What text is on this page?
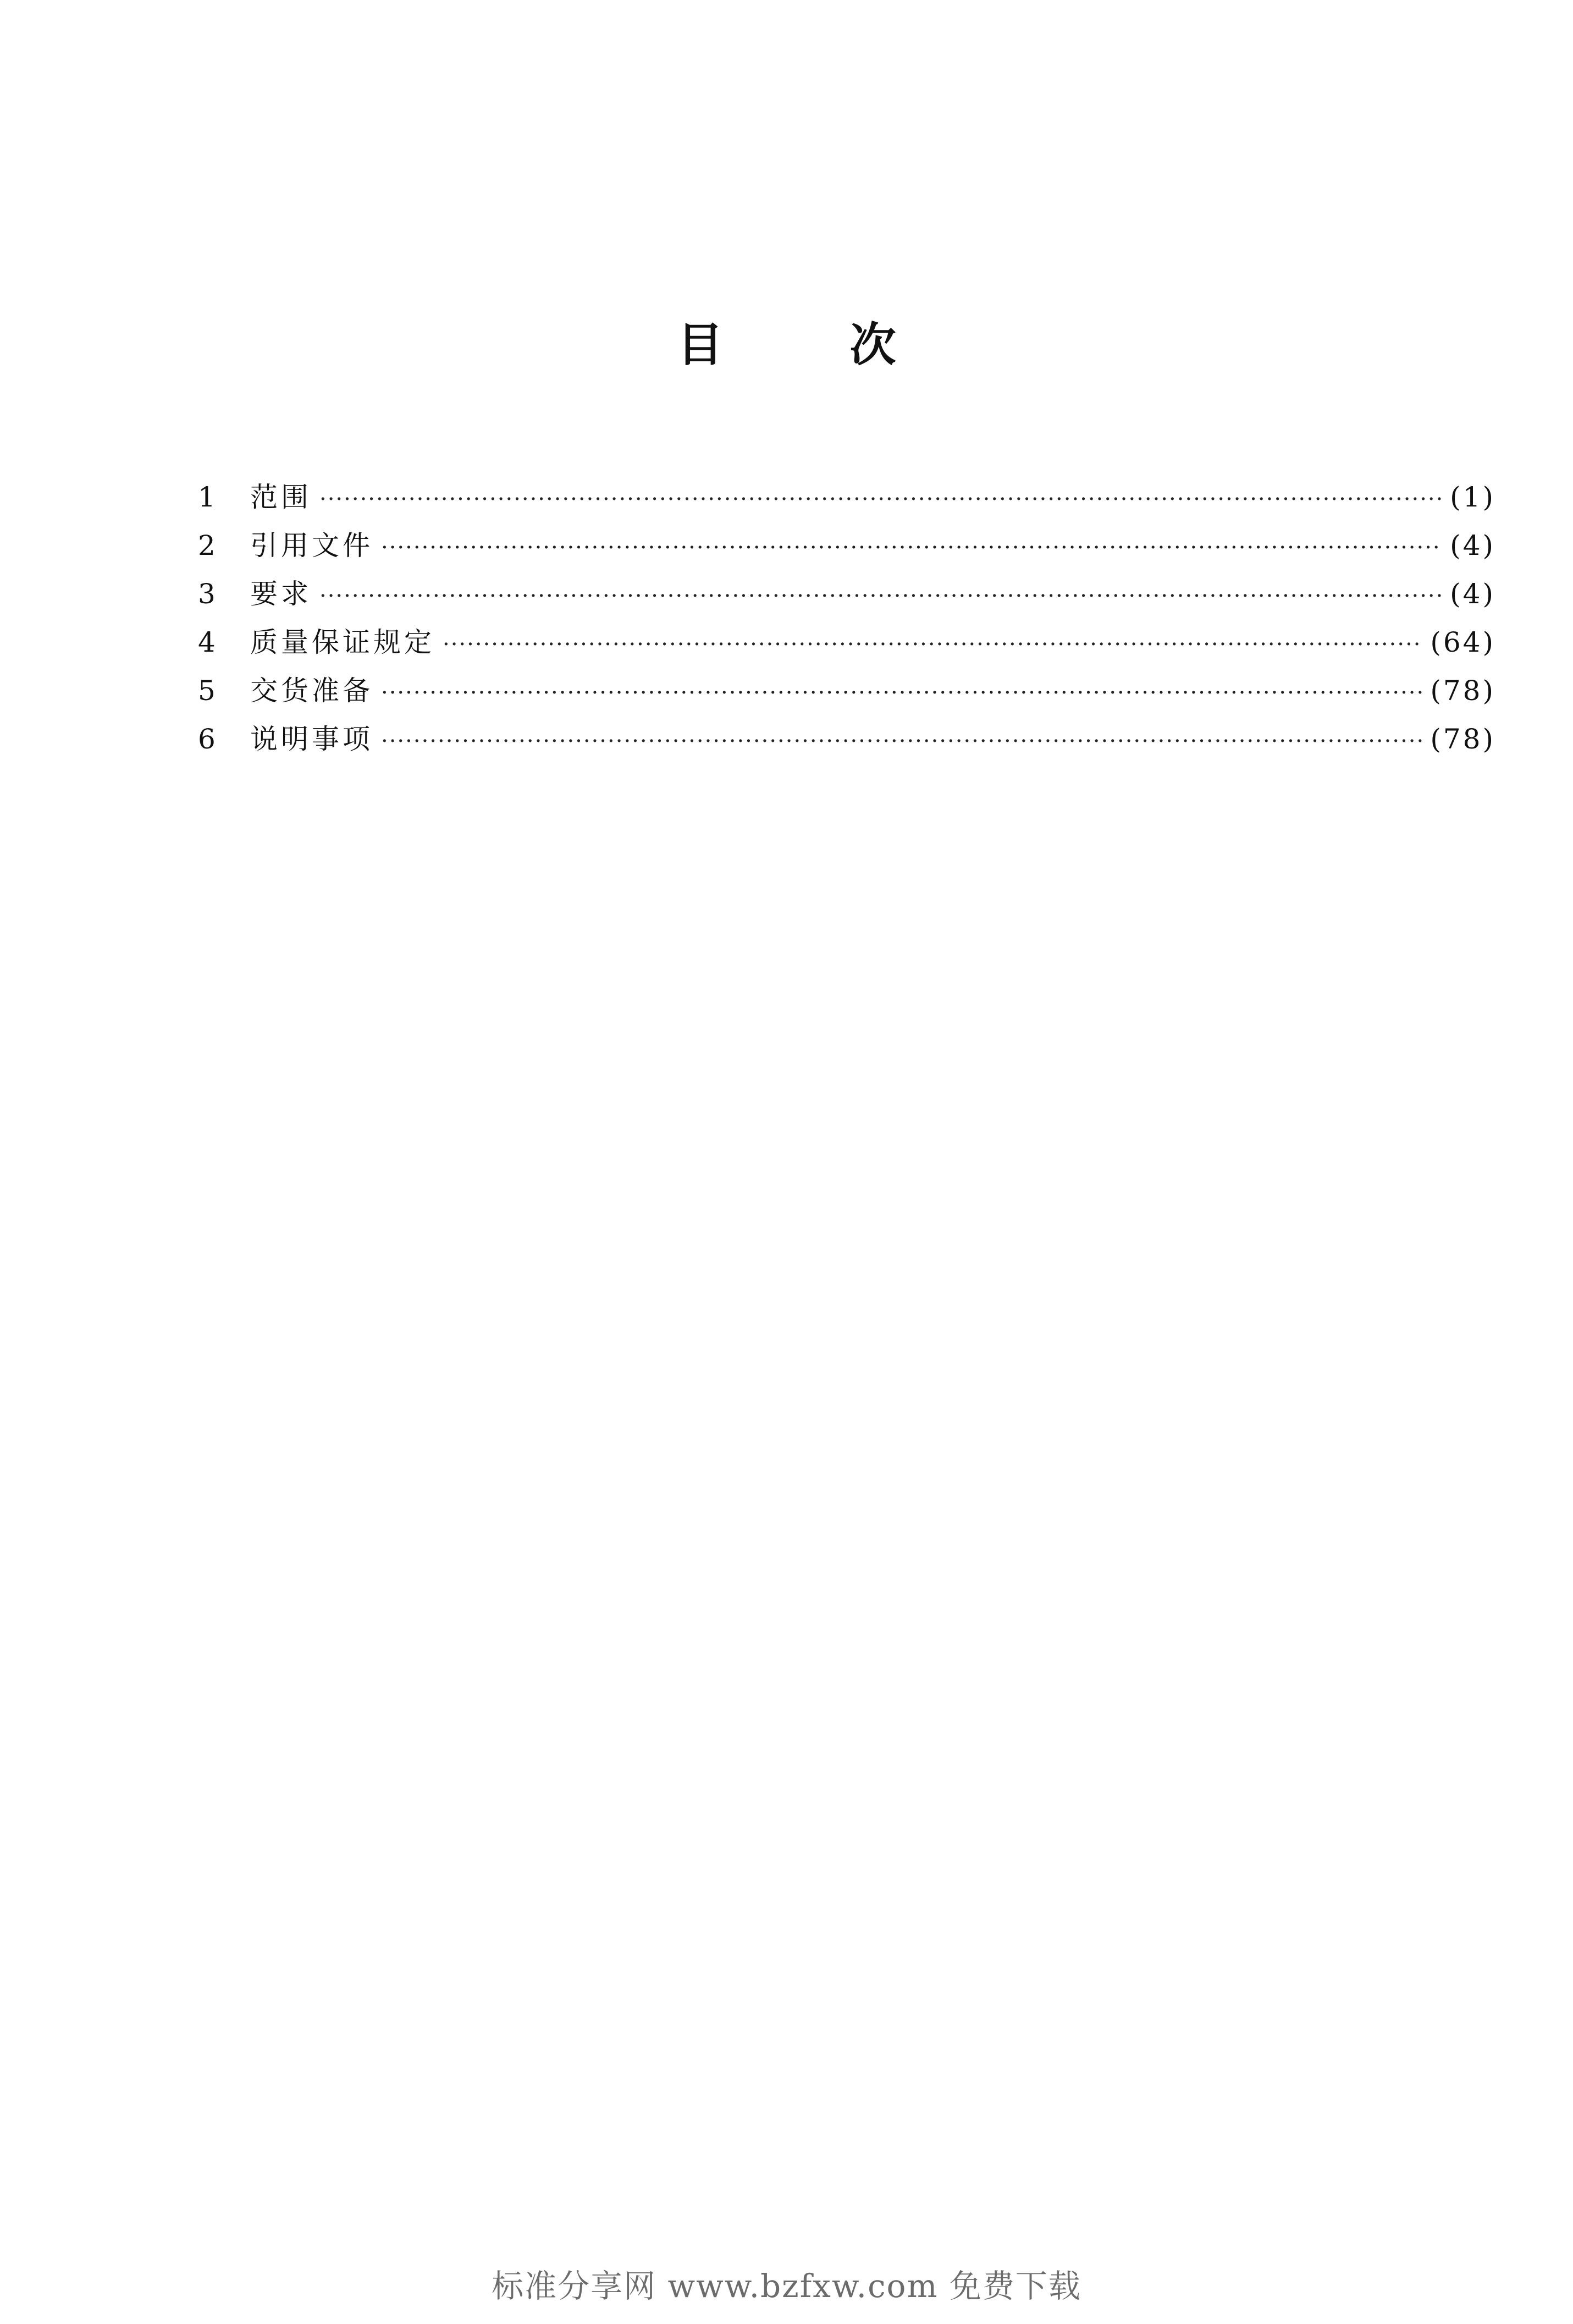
目	次
1	范围 ·····	(1)
2	引用文件 ·····	(4)
3	要求 ·····	(4)
4	质量保证规定 ·····	(64)
5	交货准备 ·····	(78)
6	说明事项 ·····	(78)
标准分享网 www.bzfxw.com 免费下载
